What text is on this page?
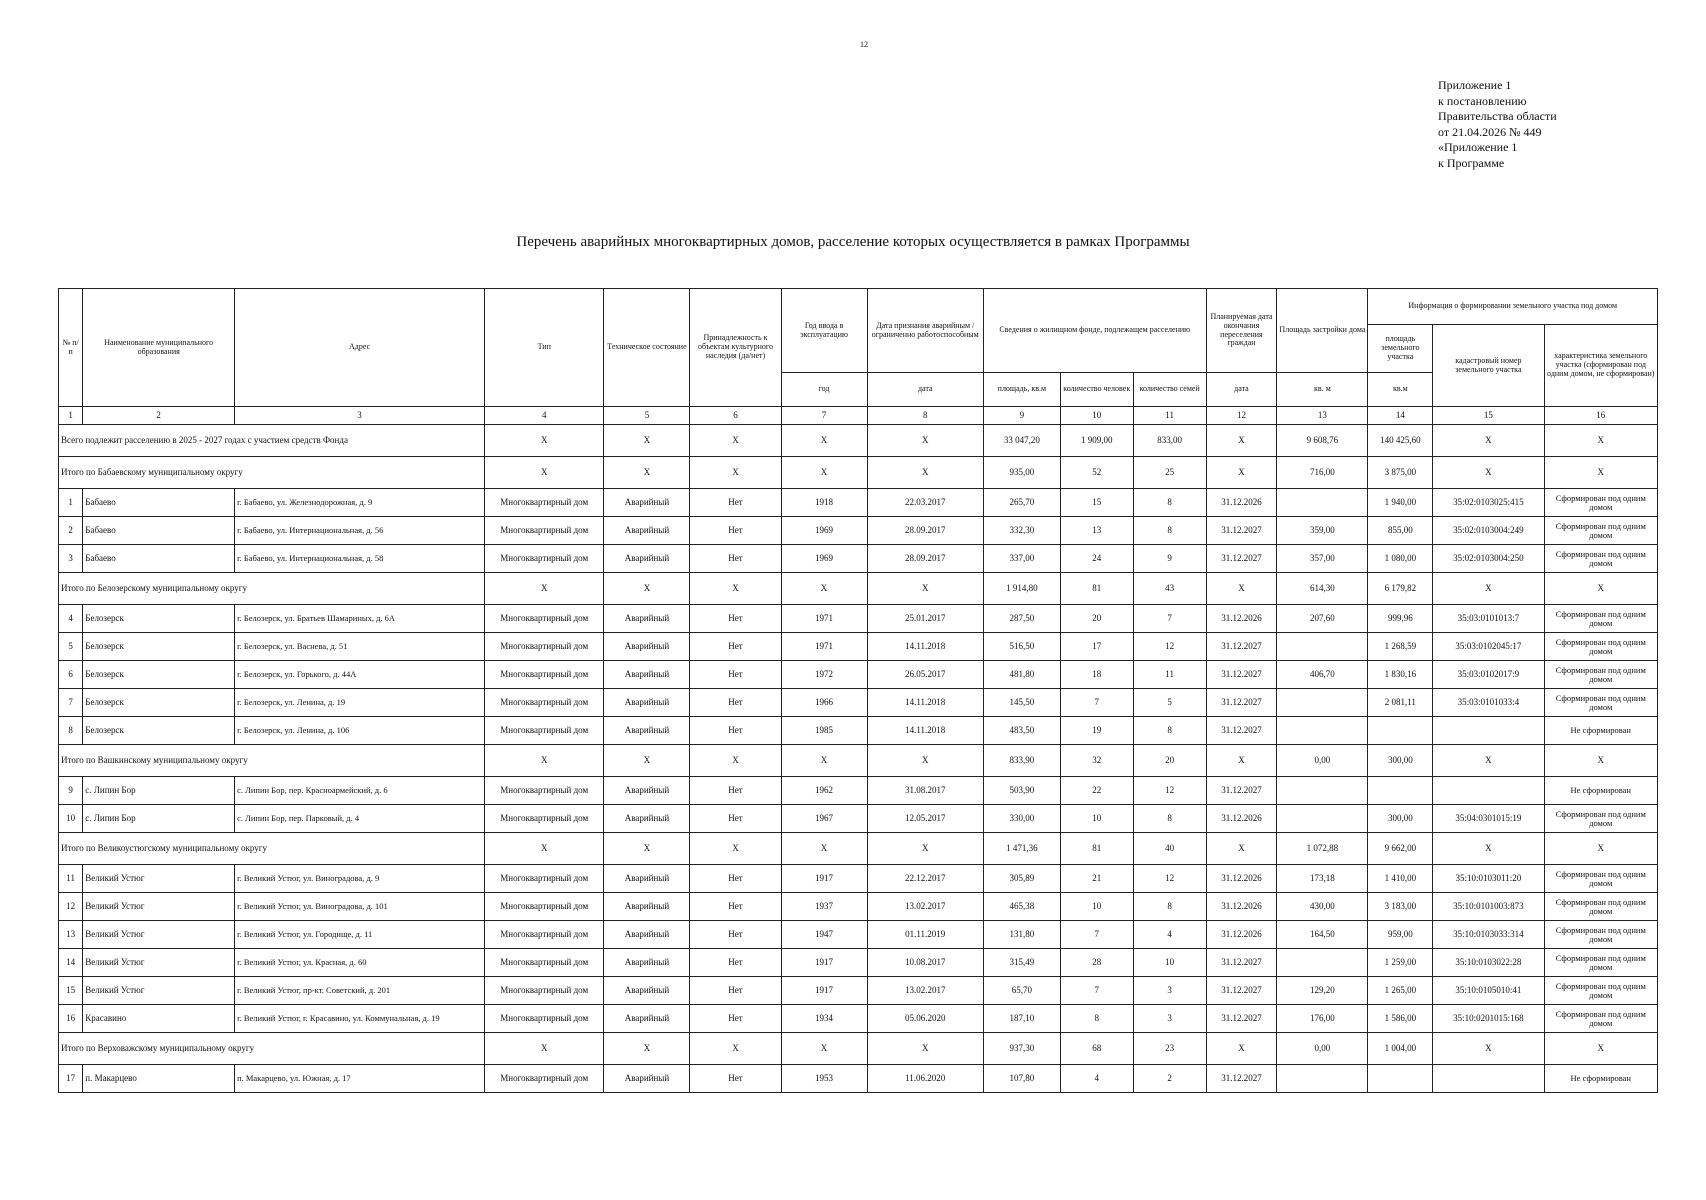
12
Приложение 1
к постановлению
Правительства области
от 21.04.2026 № 449
«Приложение 1
к Программе
Перечень аварийных многоквартирных домов, расселение которых осуществляется в рамках Программы
№ п/п	Наименование муниципального образования	Адрес	Тип	Техническое состояние	Принадлежность к объектам культурного наследия (да/нет)	Год ввода в эксплуатацию	Дата признания аварийным / ограниченно работоспособным	Сведения о жилищном фонде, подлежащем расселению			Планируемая дата окончания переселения граждан	Площадь застройки дома	Информация о формировании земельного участка под домом		
													площадь земельного участка	кадастровый номер земельного участка	характеристика земельного участка (сформирован под одним домом, не сформирован)
						год	дата	площадь, кв.м	количество человек	количество семей	дата	кв. м	кв.м		
1	2	3	4	5	6	7	8	9	10	11	12	13	14	15	16
Всего подлежит расселению в 2025 - 2027 годах с участием средств Фонда			Х	Х	Х	Х	Х	33 047,20	1 909,00	833,00	Х	9 608,76	140 425,60	Х	Х
Итого по Бабаевскому муниципальному округу			Х	Х	Х	Х	Х	935,00	52	25	Х	716,00	3 875,00	Х	Х
1	Бабаево	г. Бабаево, ул. Железнодорожная, д. 9	Многоквартирный дом	Аварийный	Нет	1918	22.03.2017	265,70	15	8	31.12.2026		1 940,00	35:02:0103025:415	Сформирован под одним домом
2	Бабаево	г. Бабаево, ул. Интернациональная, д. 56	Многоквартирный дом	Аварийный	Нет	1969	28.09.2017	332,30	13	8	31.12.2027	359,00	855,00	35:02:0103004:249	Сформирован под одним домом
3	Бабаево	г. Бабаево, ул. Интернациональная, д. 58	Многоквартирный дом	Аварийный	Нет	1969	28.09.2017	337,00	24	9	31.12.2027	357,00	1 080,00	35:02:0103004:250	Сформирован под одним домом
Итого по Белозерскому муниципальному округу			Х	Х	Х	Х	Х	1 914,80	81	43	Х	614,30	6 179,82	Х	Х
4	Белозерск	г. Белозерск, ул. Братьев Шамариных, д. 6А	Многоквартирный дом	Аварийный	Нет	1971	25.01.2017	287,50	20	7	31.12.2026	207,60	999,96	35:03:0101013:7	Сформирован под одним домом
5	Белозерск	г. Белозерск, ул. Васнева, д. 51	Многоквартирный дом	Аварийный	Нет	1971	14.11.2018	516,50	17	12	31.12.2027		1 268,59	35:03:0102045:17	Сформирован под одним домом
6	Белозерск	г. Белозерск, ул. Горького, д. 44А	Многоквартирный дом	Аварийный	Нет	1972	26.05.2017	481,80	18	11	31.12.2027	406,70	1 830,16	35:03:0102017:9	Сформирован под одним домом
7	Белозерск	г. Белозерск, ул. Ленина, д. 19	Многоквартирный дом	Аварийный	Нет	1966	14.11.2018	145,50	7	5	31.12.2027		2 081,11	35:03:0101033:4	Сформирован под одним домом
8	Белозерск	г. Белозерск, ул. Ленина, д. 106	Многоквартирный дом	Аварийный	Нет	1985	14.11.2018	483,50	19	8	31.12.2027				Не сформирован
Итого по Вашкинскому муниципальному округу			Х	Х	Х	Х	Х	833,90	32	20	Х	0,00	300,00	Х	Х
9	с. Липин Бор	с. Липин Бор, пер. Красноармейский, д. 6	Многоквартирный дом	Аварийный	Нет	1962	31.08.2017	503,90	22	12	31.12.2027				Не сформирован
10	с. Липин Бор	с. Липин Бор, пер. Парковый, д. 4	Многоквартирный дом	Аварийный	Нет	1967	12.05.2017	330,00	10	8	31.12.2026		300,00	35:04:0301015:19	Сформирован под одним домом
Итого по Великоустюгскому муниципальному округу			Х	Х	Х	Х	Х	1 471,36	81	40	Х	1 072,88	9 662,00	Х	Х
11	Великий Устюг	г. Великий Устюг, ул. Виноградова, д. 9	Многоквартирный дом	Аварийный	Нет	1917	22.12.2017	305,89	21	12	31.12.2026	173,18	1 410,00	35:10:0103011:20	Сформирован под одним домом
12	Великий Устюг	г. Великий Устюг, ул. Виноградова, д. 101	Многоквартирный дом	Аварийный	Нет	1937	13.02.2017	465,38	10	8	31.12.2026	430,00	3 183,00	35:10:0101003:873	Сформирован под одним домом
13	Великий Устюг	г. Великий Устюг, ул. Городище, д. 11	Многоквартирный дом	Аварийный	Нет	1947	01.11.2019	131,80	7	4	31.12.2026	164,50	959,00	35:10:0103033:314	Сформирован под одним домом
14	Великий Устюг	г. Великий Устюг, ул. Красная, д. 60	Многоквартирный дом	Аварийный	Нет	1917	10.08.2017	315,49	28	10	31.12.2027		1 259,00	35:10:0103022:28	Сформирован под одним домом
15	Великий Устюг	г. Великий Устюг, пр-кт. Советский, д. 201	Многоквартирный дом	Аварийный	Нет	1917	13.02.2017	65,70	7	3	31.12.2027	129,20	1 265,00	35:10:0105010:41	Сформирован под одним домом
16	Красавино	г. Великий Устюг, г. Красавино, ул. Коммунальная, д. 19	Многоквартирный дом	Аварийный	Нет	1934	05.06.2020	187,10	8	3	31.12.2027	176,00	1 586,00	35:10:0201015:168	Сформирован под одним домом
Итого по Верховажскому муниципальному округу			Х	Х	Х	Х	Х	937,30	68	23	Х	0,00	1 004,00	Х	Х
17	п. Макарцево	п. Макарцево, ул. Южная, д. 17	Многоквартирный дом	Аварийный	Нет	1953	11.06.2020	107,80	4	2	31.12.2027				Не сформирован
